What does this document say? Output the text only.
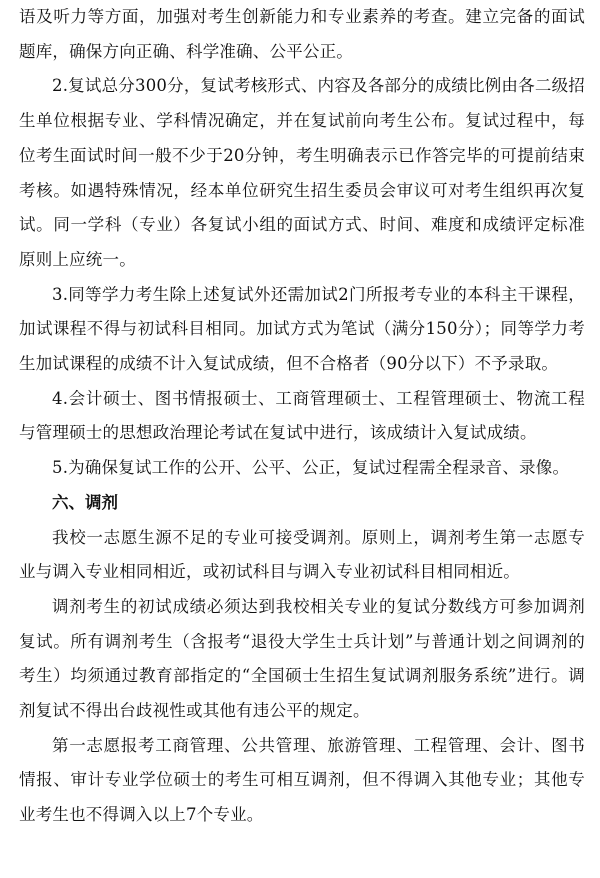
语及听力等方面，加强对考生创新能力和专业素养的考查。建立完备的面试题库，确保方向正确、科学准确、公平公正。

2.复试总分300分，复试考核形式、内容及各部分的成绩比例由各二级招生单位根据专业、学科情况确定，并在复试前向考生公布。复试过程中，每位考生面试时间一般不少于20分钟，考生明确表示已作答完毕的可提前结束考核。如遇特殊情况，经本单位研究生招生委员会审议可对考生组织再次复试。同一学科（专业）各复试小组的面试方式、时间、难度和成绩评定标准原则上应统一。

3.同等学力考生除上述复试外还需加试2门所报考专业的本科主干课程，加试课程不得与初试科目相同。加试方式为笔试（满分150分）；同等学力考生加试课程的成绩不计入复试成绩，但不合格者（90分以下）不予录取。

4.会计硕士、图书情报硕士、工商管理硕士、工程管理硕士、物流工程与管理硕士的思想政治理论考试在复试中进行，该成绩计入复试成绩。

5.为确保复试工作的公开、公平、公正，复试过程需全程录音、录像。

六、调剂

我校一志愿生源不足的专业可接受调剂。原则上，调剂考生第一志愿专业与调入专业相同相近，或初试科目与调入专业初试科目相同相近。

调剂考生的初试成绩必须达到我校相关专业的复试分数线方可参加调剂复试。所有调剂考生（含报考“退役大学生士兵计划”与普通计划之间调剂的考生）均须通过教育部指定的“全国硕士生招生复试调剂服务系统”进行。调剂复试不得出台歧视性或其他有违公平的规定。

第一志愿报考工商管理、公共管理、旅游管理、工程管理、会计、图书情报、审计专业学位硕士的考生可相互调剂，但不得调入其他专业；其他专业考生也不得调入以上7个专业。
